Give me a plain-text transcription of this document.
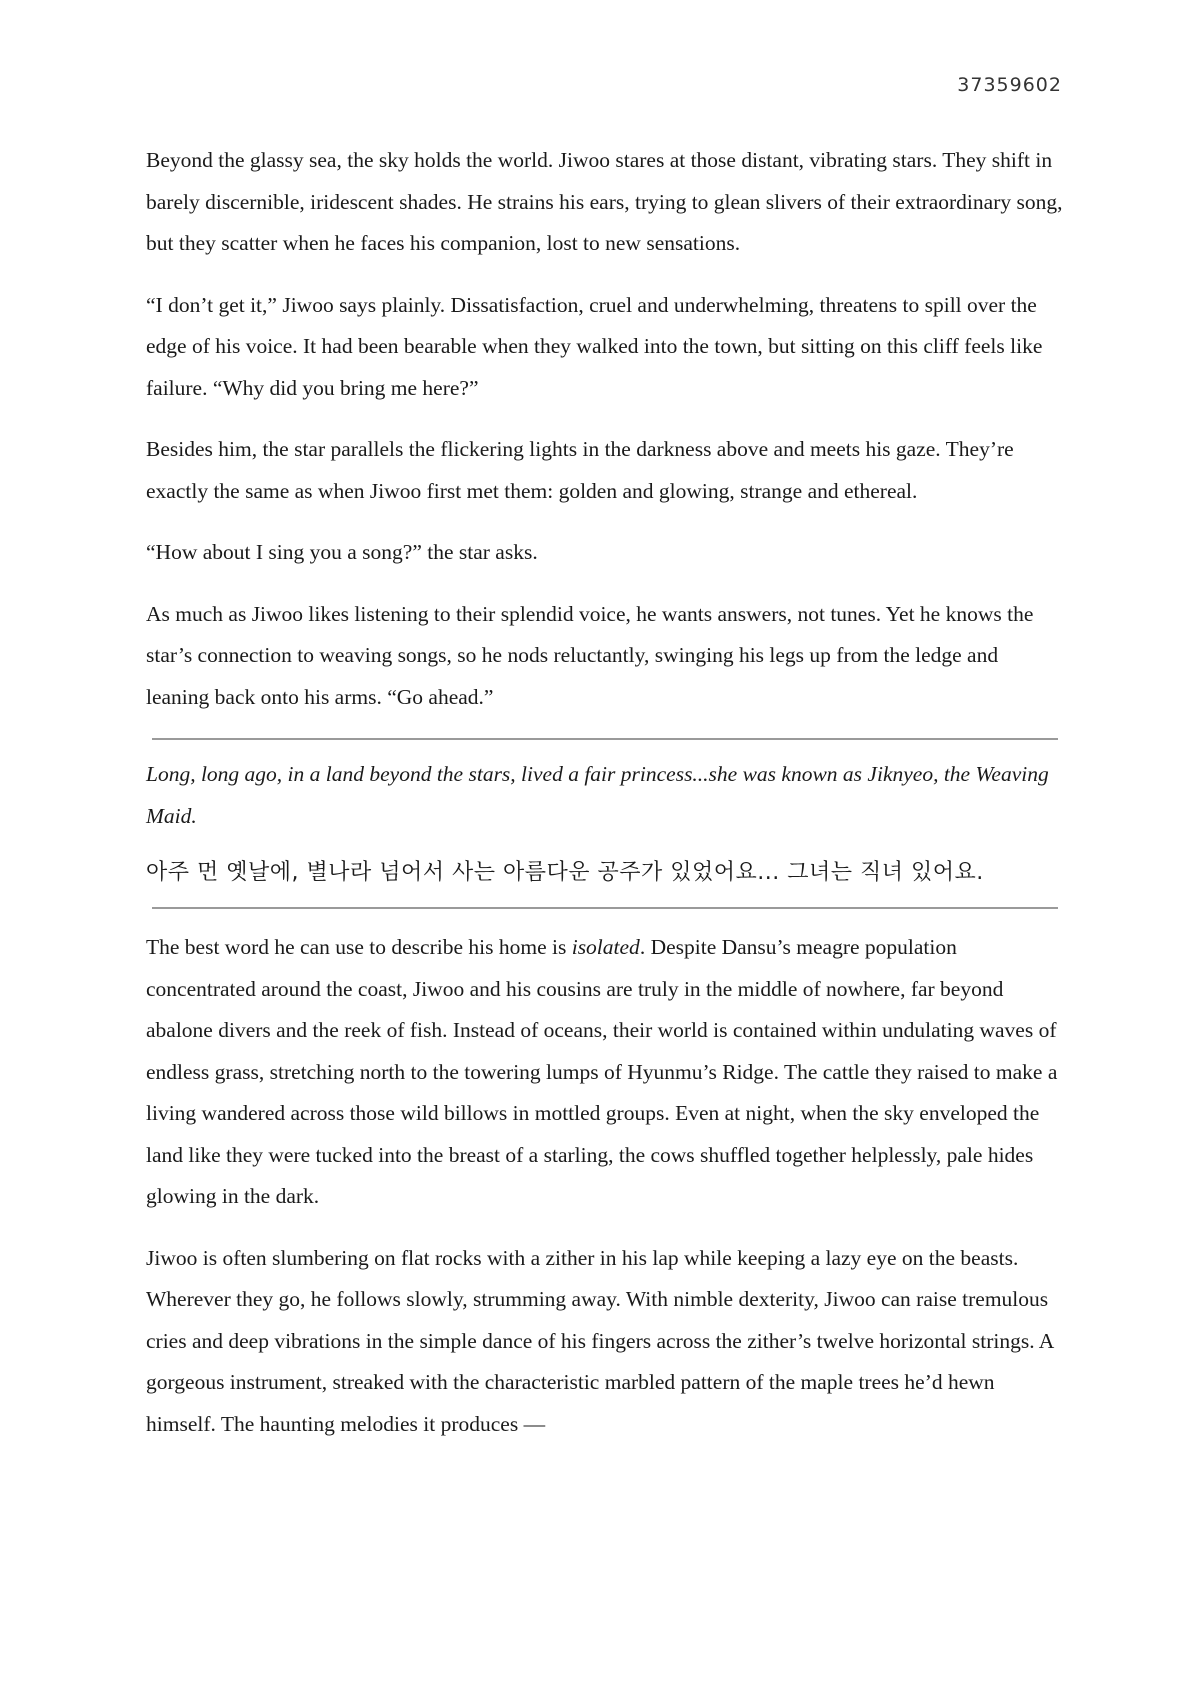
37359602

Beyond the glassy sea, the sky holds the world. Jiwoo stares at those distant, vibrating stars. They shift in barely discernible, iridescent shades. He strains his ears, trying to glean slivers of their extraordinary song, but they scatter when he faces his companion, lost to new sensations.

“I don’t get it,” Jiwoo says plainly. Dissatisfaction, cruel and underwhelming, threatens to spill over the edge of his voice. It had been bearable when they walked into the town, but sitting on this cliff feels like failure. “Why did you bring me here?”

Besides him, the star parallels the flickering lights in the darkness above and meets his gaze. They’re exactly the same as when Jiwoo first met them: golden and glowing, strange and ethereal.

“How about I sing you a song?” the star asks.

As much as Jiwoo likes listening to their splendid voice, he wants answers, not tunes. Yet he knows the star’s connection to weaving songs, so he nods reluctantly, swinging his legs up from the ledge and leaning back onto his arms. “Go ahead.”

Long, long ago, in a land beyond the stars, lived a fair princess...she was known as Jiknyeo, the Weaving Maid.

아주 먼 옛날에, 별나라 넘어서 사는 아름다운 공주가 있었어요... 그녀는 직녀 있어요.

The best word he can use to describe his home is isolated. Despite Dansu’s meagre population concentrated around the coast, Jiwoo and his cousins are truly in the middle of nowhere, far beyond abalone divers and the reek of fish. Instead of oceans, their world is contained within undulating waves of endless grass, stretching north to the towering lumps of Hyunmu’s Ridge. The cattle they raised to make a living wandered across those wild billows in mottled groups. Even at night, when the sky enveloped the land like they were tucked into the breast of a starling, the cows shuffled together helplessly, pale hides glowing in the dark.

Jiwoo is often slumbering on flat rocks with a zither in his lap while keeping a lazy eye on the beasts. Wherever they go, he follows slowly, strumming away. With nimble dexterity, Jiwoo can raise tremulous cries and deep vibrations in the simple dance of his fingers across the zither’s twelve horizontal strings. A gorgeous instrument, streaked with the characteristic marbled pattern of the maple trees he’d hewn himself. The haunting melodies it produces —
